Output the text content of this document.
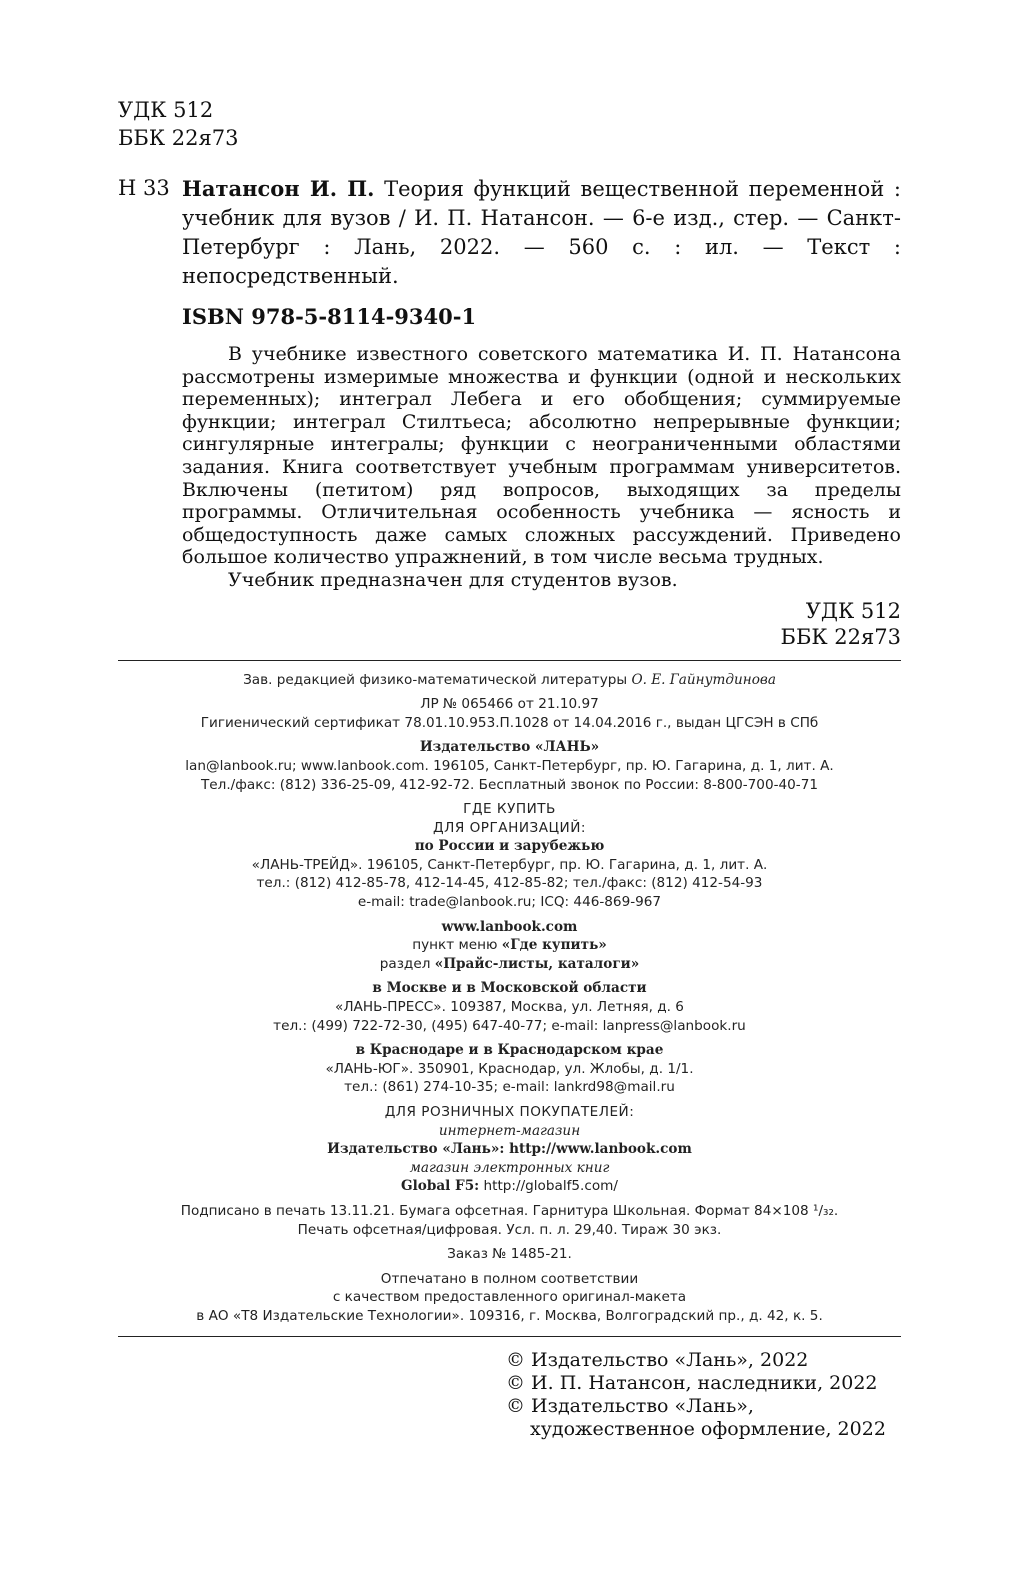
УДК 512
ББК 22я73
Н 33 Натансон И. П. Теория функций вещественной переменной : учебник для вузов / И. П. Натансон. — 6-е изд., стер. — Санкт-Петербург : Лань, 2022. — 560 с. : ил. — Текст : непосредственный.
ISBN 978-5-8114-9340-1

В учебнике известного советского математика И. П. Натансона рассмотрены измеримые множества и функции (одной и нескольких переменных); интеграл Лебега и его обобщения; суммируемые функции; интеграл Стилтьеса; абсолютно непрерывные функции; сингулярные интегралы; функции с неограниченными областями задания. Книга соответствует учебным программам университетов. Включены (петитом) ряд вопросов, выходящих за пределы программы. Отличительная особенность учебника — ясность и общедоступность даже самых сложных рассуждений. Приведено большое количество упражнений, в том числе весьма трудных.

Учебник предназначен для студентов вузов.

УДК 512
ББК 22я73
Зав. редакцией физико-математической литературы О. Е. Гайнутдинова
ЛР № 065466 от 21.10.97
Гигиенический сертификат 78.01.10.953.П.1028 от 14.04.2016 г., выдан ЦГСЭН в СПб
Издательство «ЛАНЬ»
lan@lanbook.ru; www.lanbook.com. 196105, Санкт-Петербург, пр. Ю. Гагарина, д. 1, лит. А.
Тел./факс: (812) 336-25-09, 412-92-72. Бесплатный звонок по России: 8-800-700-40-71
ГДЕ КУПИТЬ
ДЛЯ ОРГАНИЗАЦИЙ:
по России и зарубежью
«ЛАНЬ-ТРЕЙД». 196105, Санкт-Петербург, пр. Ю. Гагарина, д. 1, лит. А.
тел.: (812) 412-85-78, 412-14-45, 412-85-82; тел./факс: (812) 412-54-93
e-mail: trade@lanbook.ru; ICQ: 446-869-967
www.lanbook.com
пункт меню «Где купить»
раздел «Прайс-листы, каталоги»
в Москве и в Московской области
«ЛАНЬ-ПРЕСС». 109387, Москва, ул. Летняя, д. 6
тел.: (499) 722-72-30, (495) 647-40-77; e-mail: lanpress@lanbook.ru
в Краснодаре и в Краснодарском крае
«ЛАНЬ-ЮГ». 350901, Краснодар, ул. Жлобы, д. 1/1.
тел.: (861) 274-10-35; e-mail: lankrd98@mail.ru
ДЛЯ РОЗНИЧНЫХ ПОКУПАТЕЛЕЙ:
интернет-магазин
Издательство «Лань»: http://www.lanbook.com
магазин электронных книг
Global F5: http://globalf5.com/
Подписано в печать 13.11.21. Бумага офсетная. Гарнитура Школьная. Формат 84×108 ¹/₃₂.
Печать офсетная/цифровая. Усл. п. л. 29,40. Тираж 30 экз.
Заказ № 1485-21.
Отпечатано в полном соответствии
с качеством предоставленного оригинал-макета
в АО «Т8 Издательские Технологии». 109316, г. Москва, Волгоградский пр., д. 42, к. 5.
© Издательство «Лань», 2022
© И. П. Натансон, наследники, 2022
© Издательство «Лань»,
художественное оформление, 2022
